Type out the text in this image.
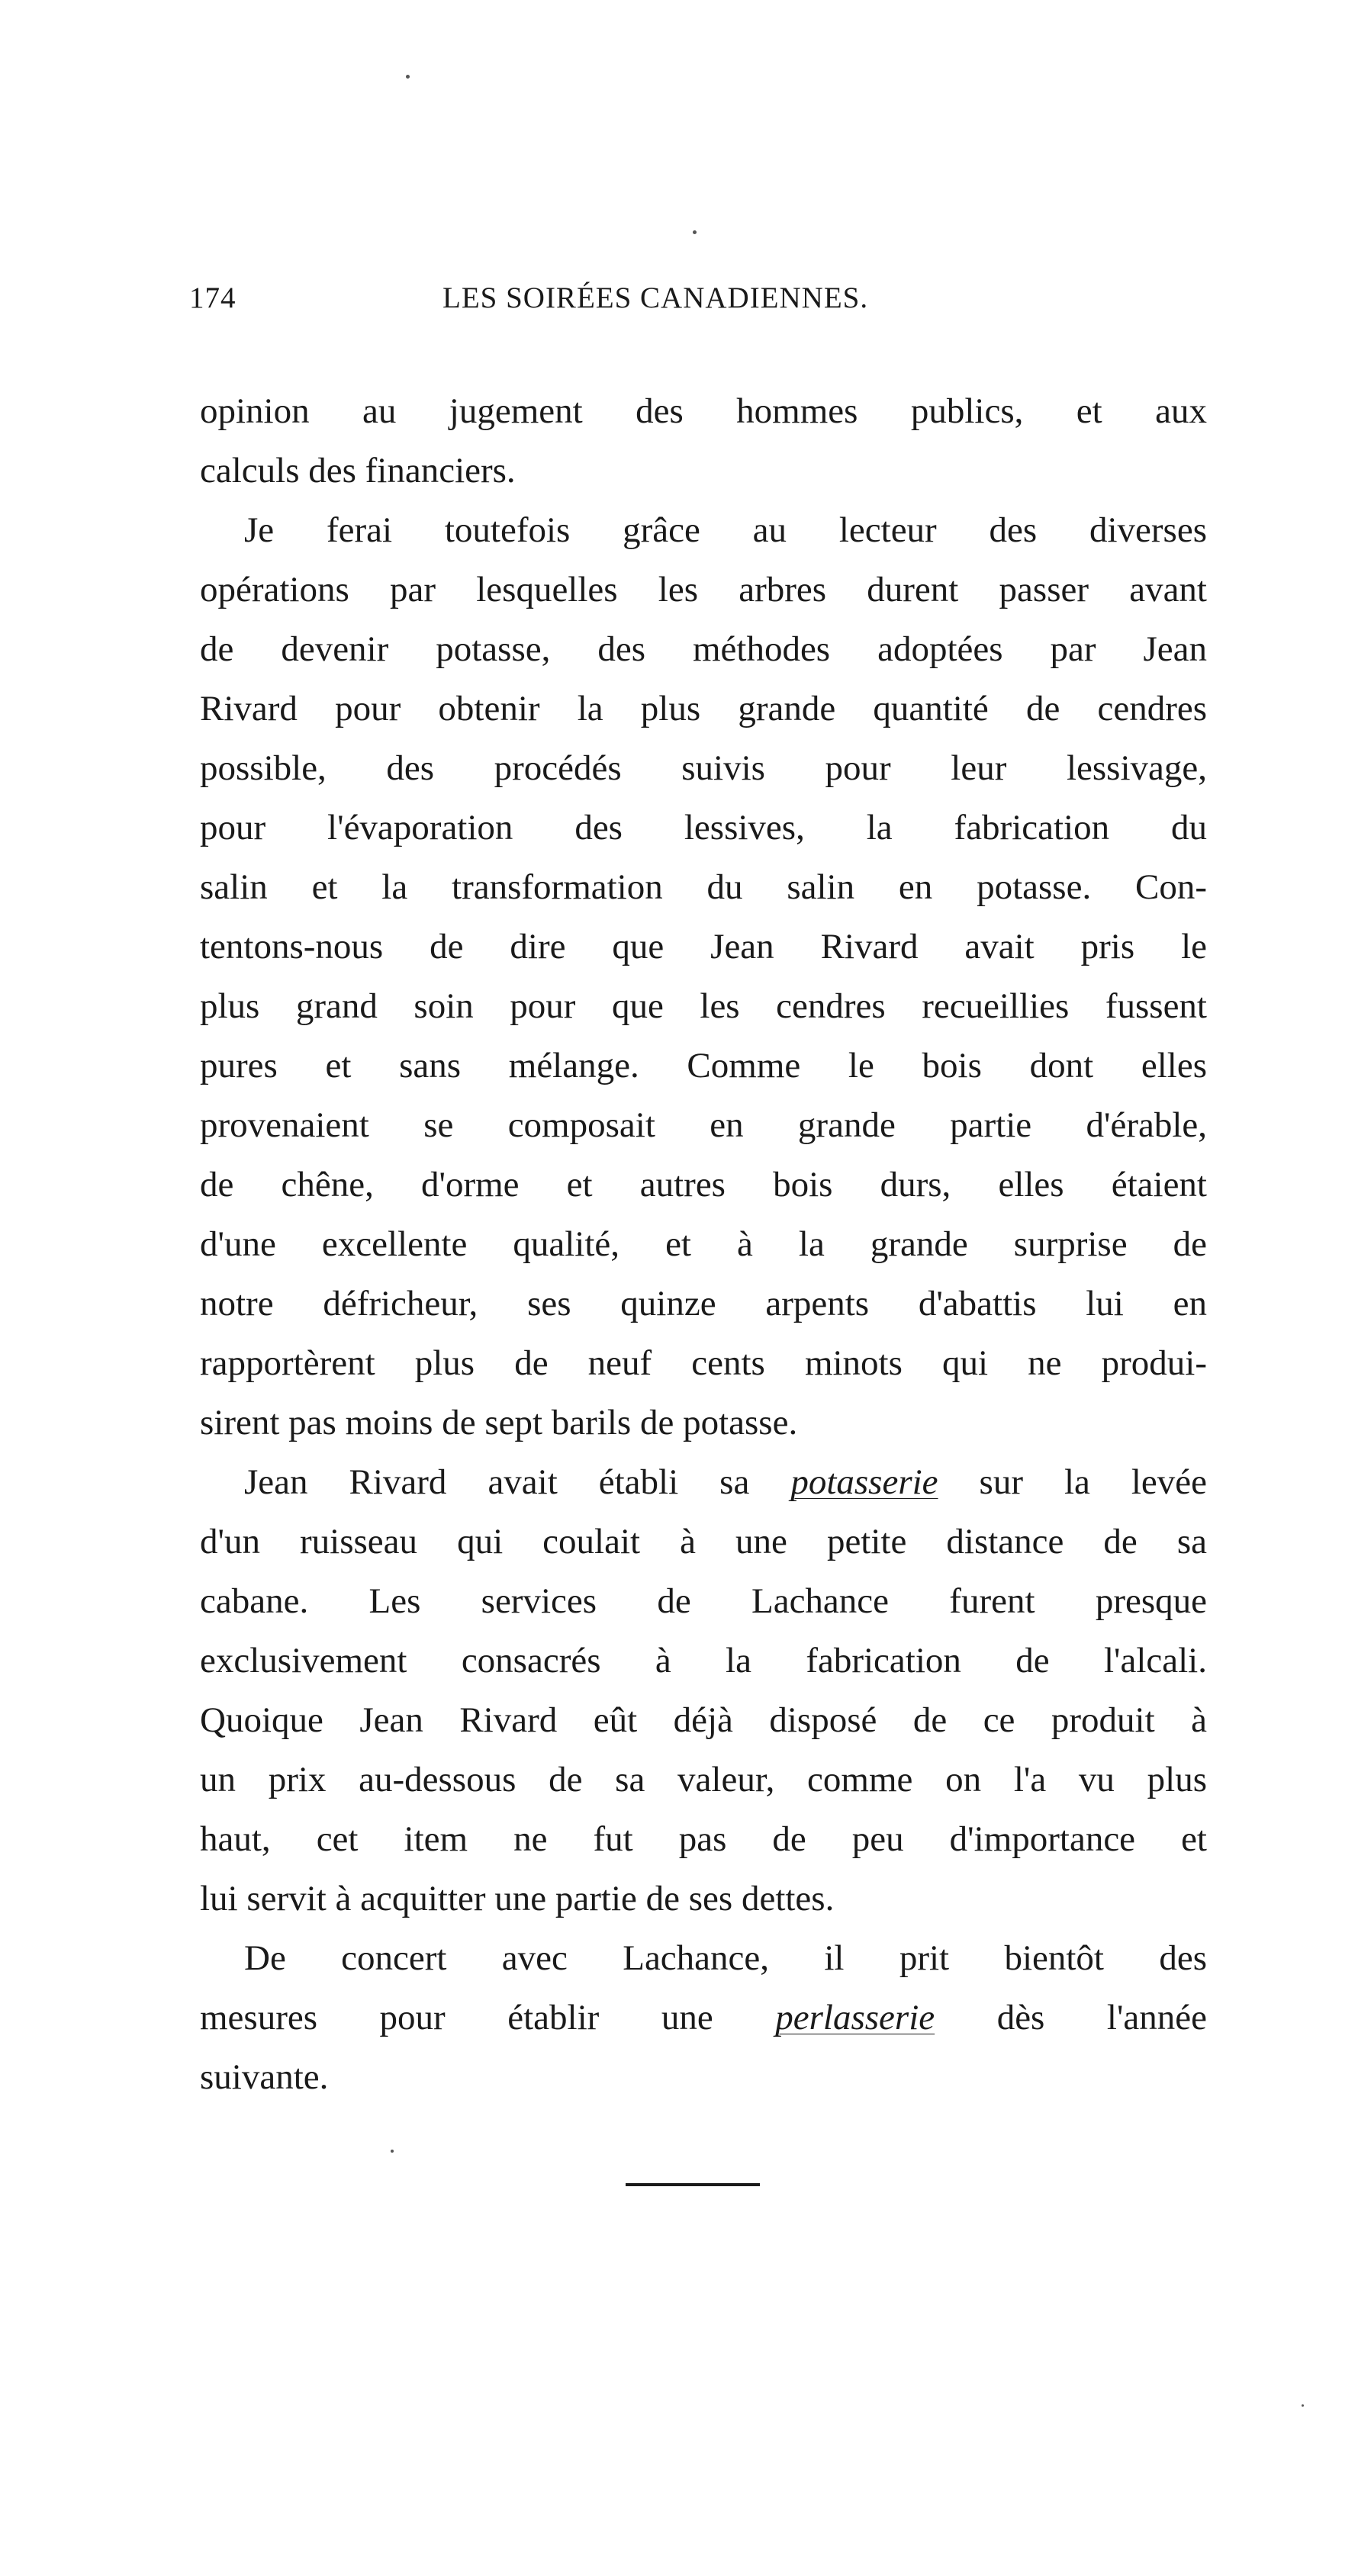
174	LES SOIRÉES CANADIENNES.
opinion au jugement des hommes publics, et aux
calculs des financiers.
Je ferai toutefois grâce au lecteur des diverses
opérations par lesquelles les arbres durent passer avant
de devenir potasse, des méthodes adoptées par Jean
Rivard pour obtenir la plus grande quantité de cendres
possible, des procédés suivis pour leur lessivage,
pour l'évaporation des lessives, la fabrication du
salin et la transformation du salin en potasse. Con-
tentons-nous de dire que Jean Rivard avait pris le
plus grand soin pour que les cendres recueillies fussent
pures et sans mélange. Comme le bois dont elles
provenaient se composait en grande partie d'érable,
de chêne, d'orme et autres bois durs, elles étaient
d'une excellente qualité, et à la grande surprise de
notre défricheur, ses quinze arpents d'abattis lui en
rapportèrent plus de neuf cents minots qui ne produi-
sirent pas moins de sept barils de potasse.
Jean Rivard avait établi sa potasserie sur la levée
d'un ruisseau qui coulait à une petite distance de sa
cabane. Les services de Lachance furent presque
exclusivement consacrés à la fabrication de l'alcali.
Quoique Jean Rivard eût déjà disposé de ce produit à
un prix au-dessous de sa valeur, comme on l'a vu plus
haut, cet item ne fut pas de peu d'importance et
lui servit à acquitter une partie de ses dettes.
De concert avec Lachance, il prit bientôt des
mesures pour établir une perlasserie dès l'année
suivante.
